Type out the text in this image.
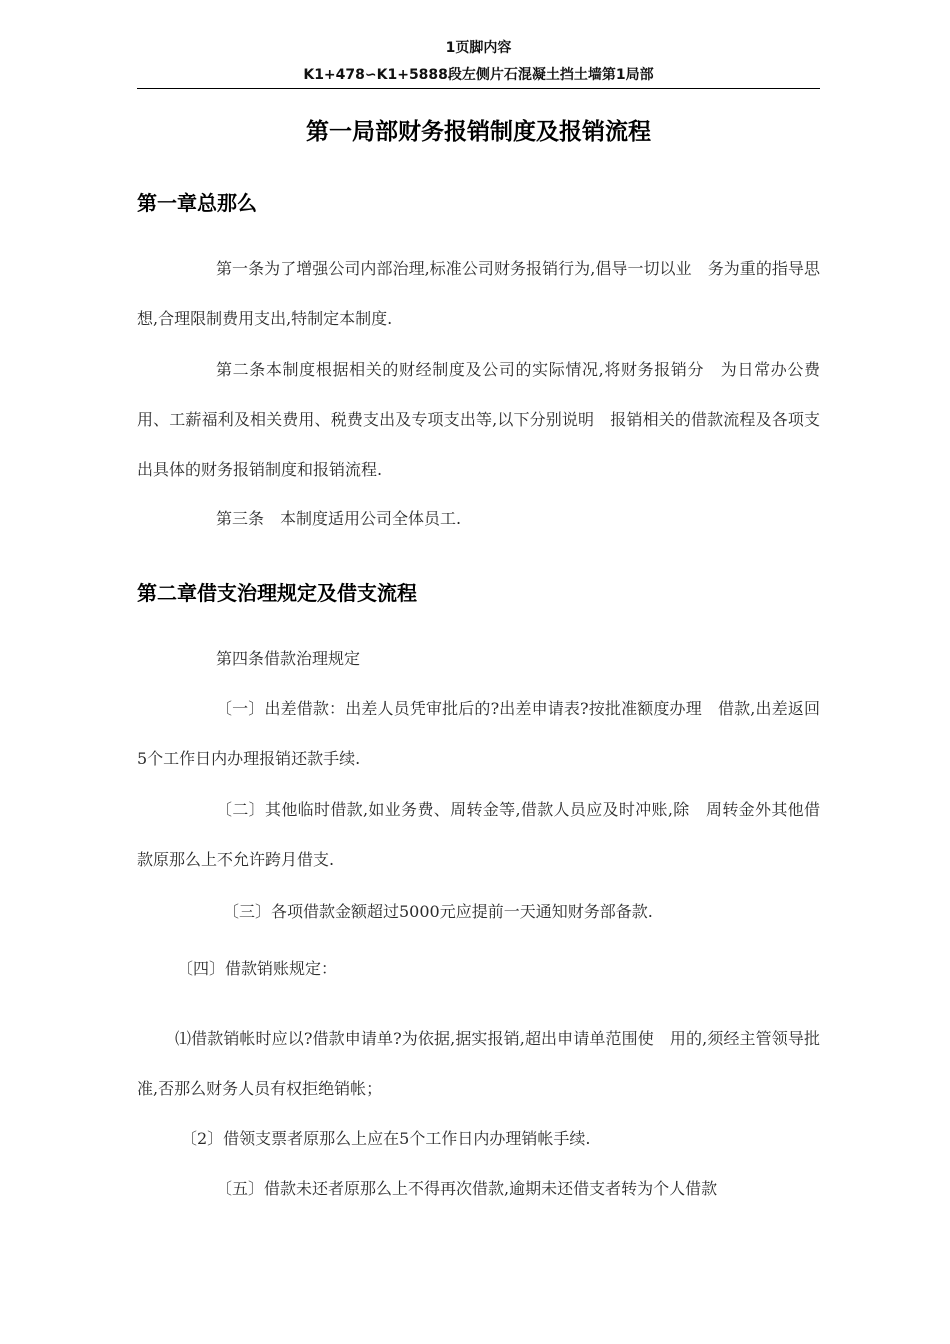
1页脚内容
K1+478∽K1+5888段左侧片石混凝土挡土墙第1局部
第一局部财务报销制度及报销流程
第一章总那么
第一条为了增强公司内部治理,标准公司财务报销行为,倡导一切以业　务为重的指导思想,合理限制费用支出,特制定本制度.
第二条本制度根据相关的财经制度及公司的实际情况,将财务报销分　为日常办公费用、工薪福利及相关费用、税费支出及专项支出等,以下分别说明　报销相关的借款流程及各项支出具体的财务报销制度和报销流程.
第三条　本制度适用公司全体员工.
第二章借支治理规定及借支流程
第四条借款治理规定
〔一〕出差借款：出差人员凭审批后的?出差申请表?按批准额度办理　借款,出差返回5个工作日内办理报销还款手续.
〔二〕其他临时借款,如业务费、周转金等,借款人员应及时冲账,除　周转金外其他借款原那么上不允许跨月借支.
〔三〕各项借款金额超过5000元应提前一天通知财务部备款.
〔四〕借款销账规定：
⑴借款销帐时应以?借款申请单?为依据,据实报销,超出申请单范围使　用的,须经主管领导批准,否那么财务人员有权拒绝销帐；
〔2〕借领支票者原那么上应在5个工作日内办理销帐手续.
〔五〕借款未还者原那么上不得再次借款,逾期未还借支者转为个人借款
